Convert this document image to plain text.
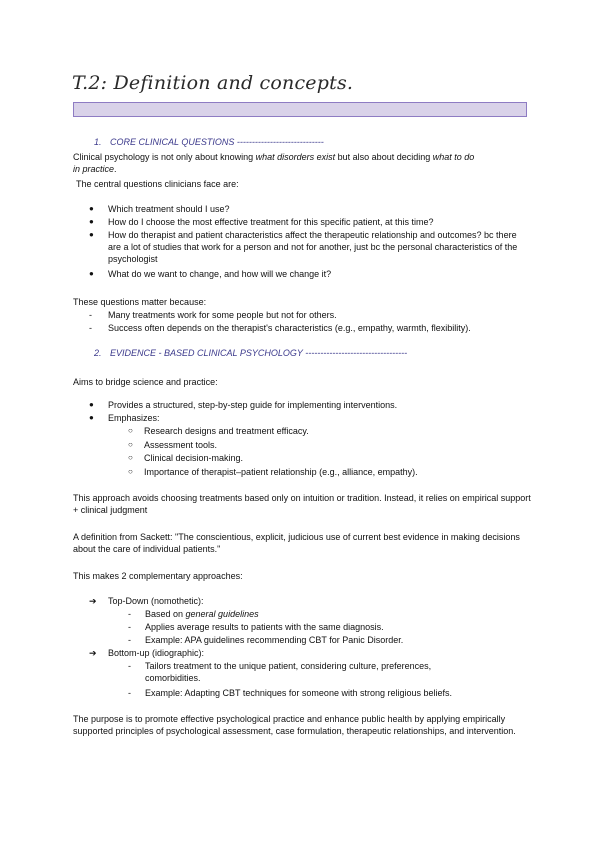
T.2: Definition and concepts.
1. CORE CLINICAL QUESTIONS -----------------------------
Clinical psychology is not only about knowing what disorders exist but also about deciding what to do
in practice.
The central questions clinicians face are:
● Which treatment should I use?
● How do I choose the most effective treatment for this specific patient, at this time?
● How do therapist and patient characteristics affect the therapeutic relationship and outcomes? bc there are a lot of studies that work for a person and not for another, just bc the personal characteristics of the psychologist
● What do we want to change, and how will we change it?
These questions matter because:
- Many treatments work for some people but not for others.
- Success often depends on the therapist's characteristics (e.g., empathy, warmth, flexibility).
2. EVIDENCE - BASED CLINICAL PSYCHOLOGY ----------------------------------
Aims to bridge science and practice:
● Provides a structured, step-by-step guide for implementing interventions.
● Emphasizes:
○ Research designs and treatment efficacy.
○ Assessment tools.
○ Clinical decision-making.
○ Importance of therapist–patient relationship (e.g., alliance, empathy).
This approach avoids choosing treatments based only on intuition or tradition. Instead, it relies on empirical support + clinical judgment
A definition from Sackett: "The conscientious, explicit, judicious use of current best evidence in making decisions about the care of individual patients."
This makes 2 complementary approaches:
➔ Top-Down (nomothetic):
- Based on general guidelines
- Applies average results to patients with the same diagnosis.
- Example: APA guidelines recommending CBT for Panic Disorder.
➔ Bottom-up (idiographic):
- Tailors treatment to the unique patient, considering culture, preferences, comorbidities.
- Example: Adapting CBT techniques for someone with strong religious beliefs.
The purpose is to promote effective psychological practice and enhance public health by applying empirically supported principles of psychological assessment, case formulation, therapeutic relationships, and intervention.
